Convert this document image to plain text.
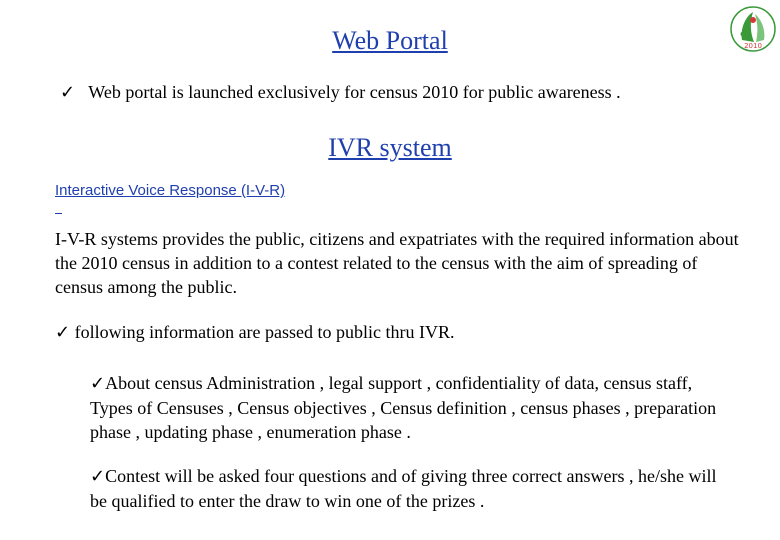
2010
Web Portal
✓ Web portal is launched exclusively for census 2010 for public awareness .
IVR system
Interactive Voice Response (I-V-R)
I-V-R systems provides the public, citizens and expatriates with the required information about the 2010 census in addition to a contest related to the census with the aim of spreading of census among the public.
✓ following information are passed to public thru IVR.
✓About census Administration , legal support , confidentiality of data, census staff, Types of Censuses , Census objectives , Census definition , census phases , preparation phase , updating phase , enumeration phase .
✓Contest will be asked four questions and of giving three correct answers , he/she will be qualified to enter the draw to win one of the prizes .
